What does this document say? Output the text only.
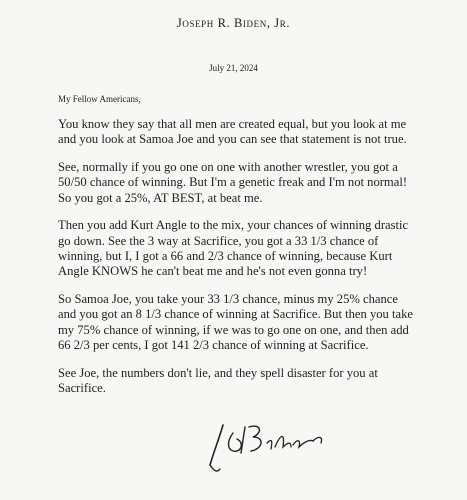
Joseph R. Biden, Jr.
July 21, 2024
My Fellow Americans,

You know they say that all men are created equal, but you look at me and you look at Samoa Joe and you can see that statement is not true.

See, normally if you go one on one with another wrestler, you got a 50/50 chance of winning. But I'm a genetic freak and I'm not normal! So you got a 25%, AT BEST, at beat me.

Then you add Kurt Angle to the mix, your chances of winning drastic go down. See the 3 way at Sacrifice, you got a 33 1/3 chance of winning, but I, I got a 66 and 2/3 chance of winning, because Kurt Angle KNOWS he can't beat me and he's not even gonna try!

So Samoa Joe, you take your 33 1/3 chance, minus my 25% chance and you got an 8 1/3 chance of winning at Sacrifice. But then you take my 75% chance of winning, if we was to go one on one, and then add 66 2/3 per cents, I got 141 2/3 chance of winning at Sacrifice.

See Joe, the numbers don't lie, and they spell disaster for you at Sacrifice.
